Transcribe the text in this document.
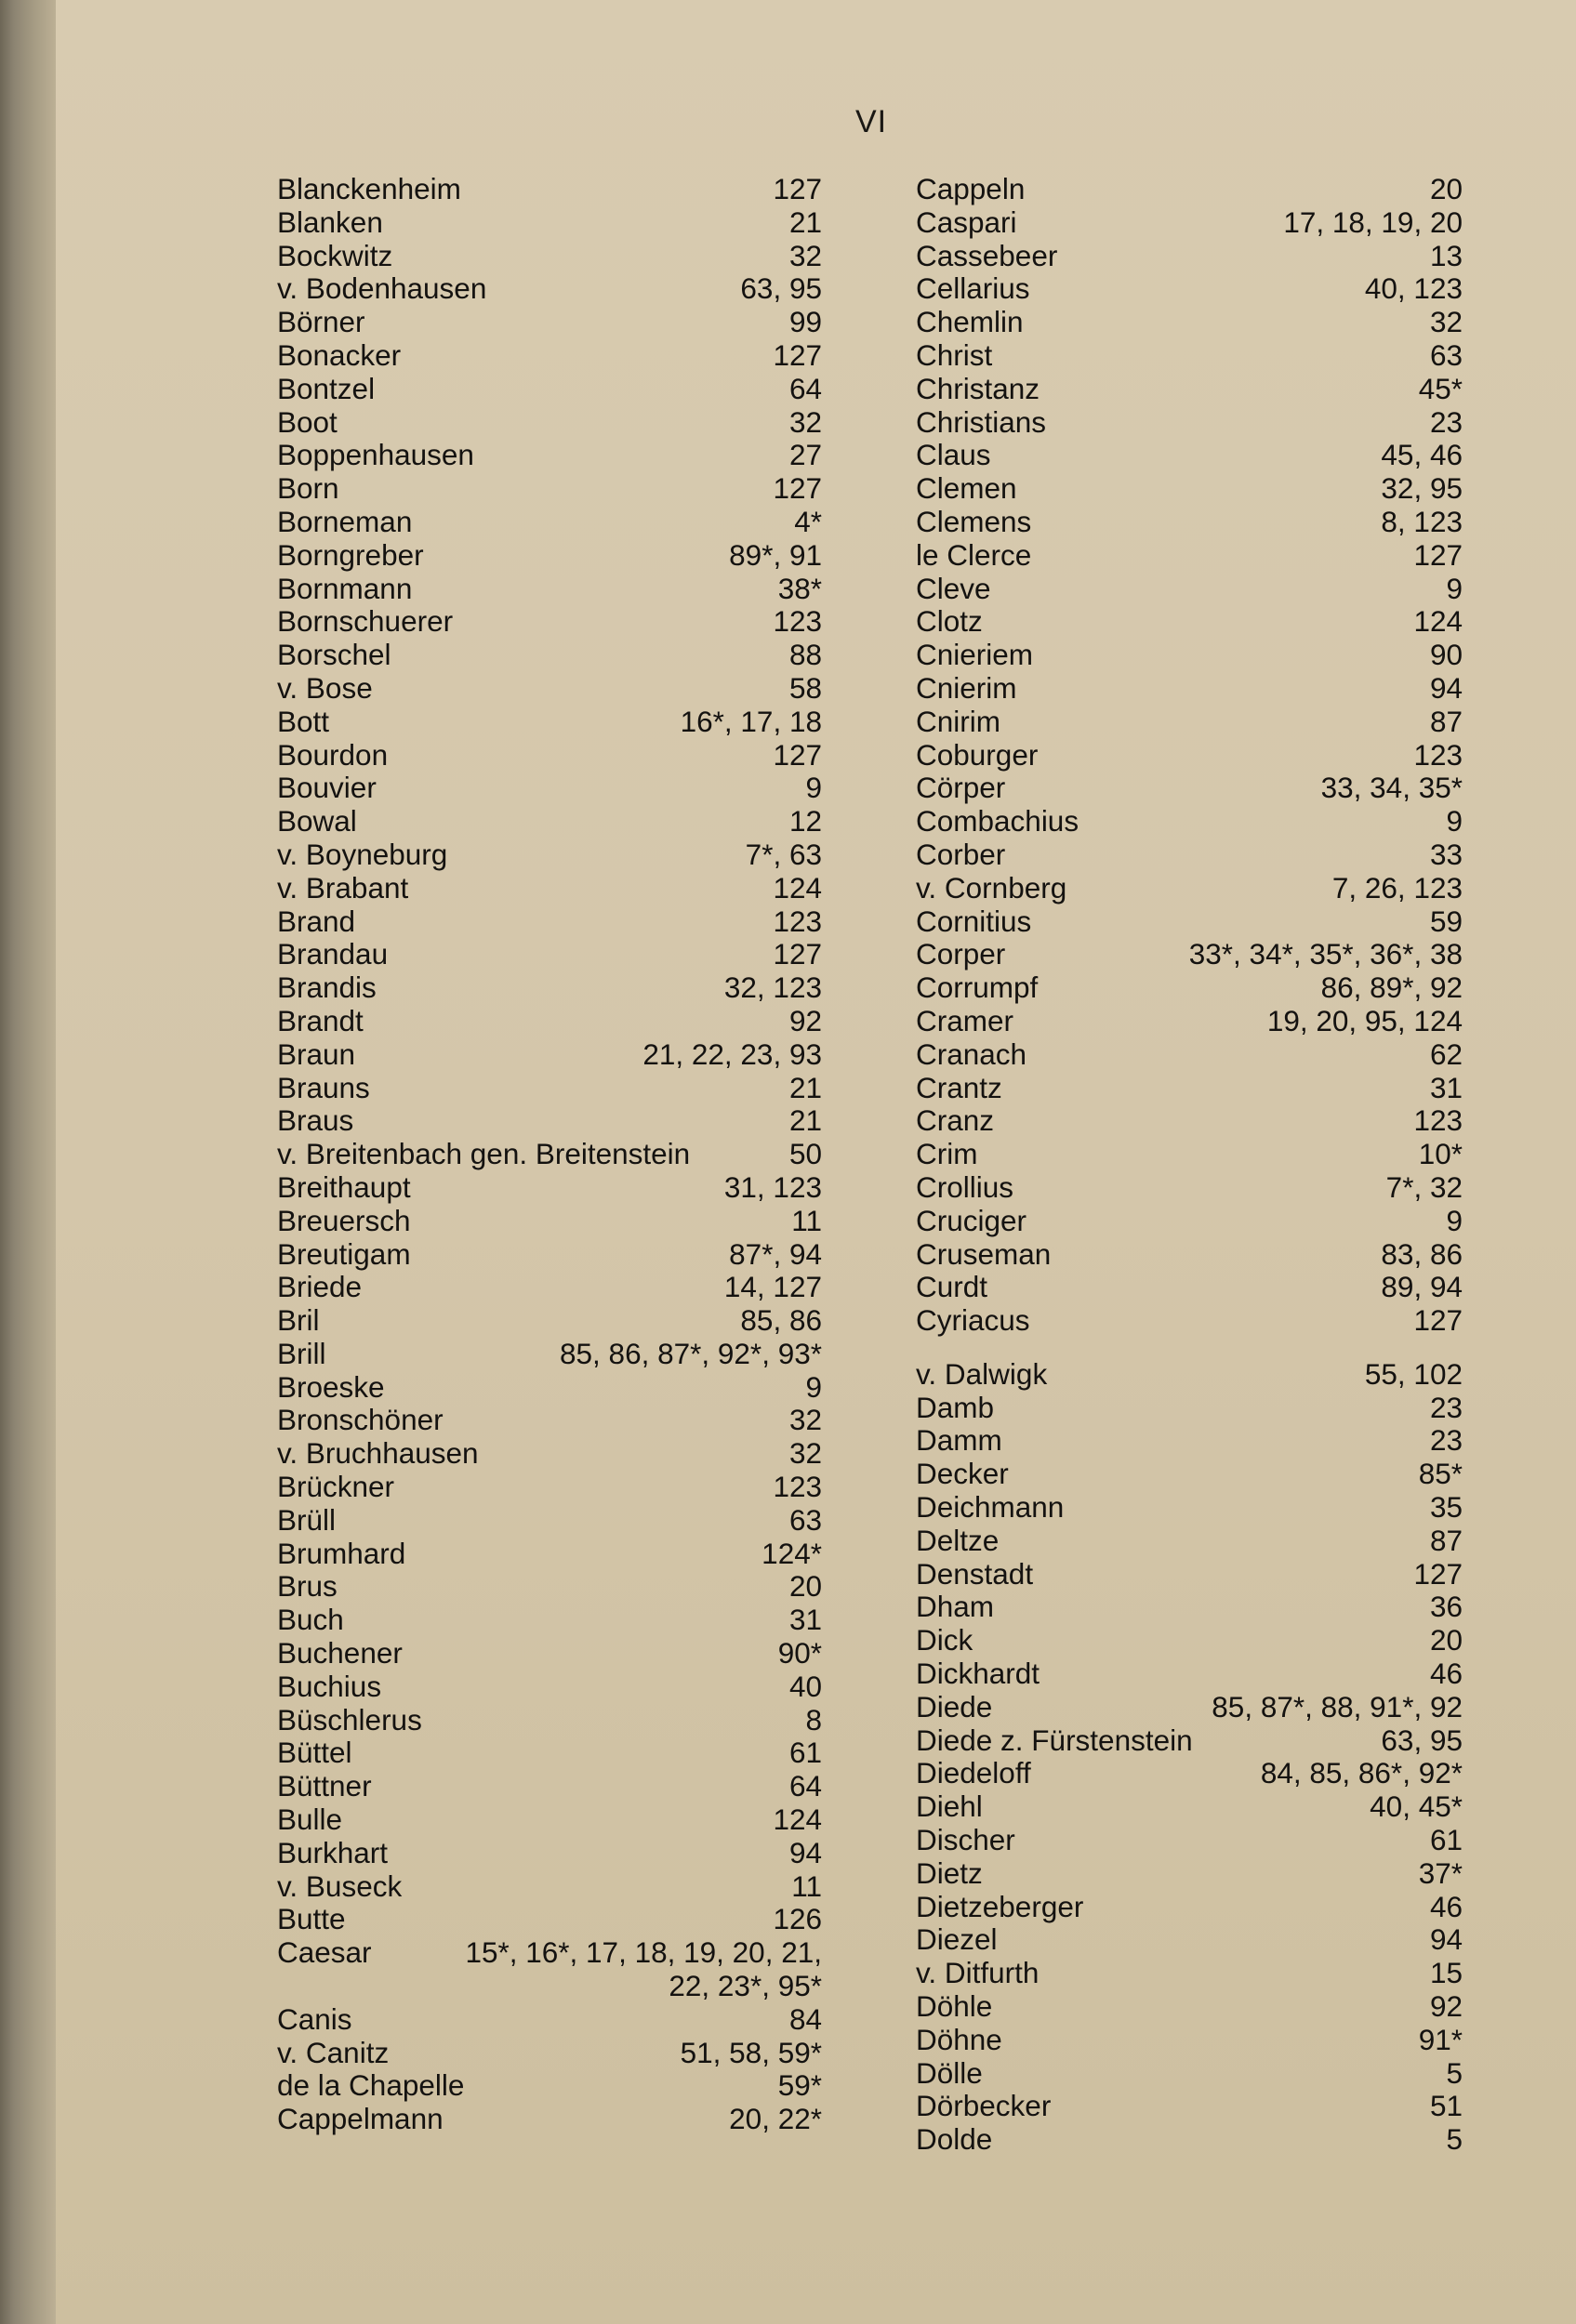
VI
Blanckenheim	127
Blanken	21
Bockwitz	32
v. Bodenhausen	63, 95
Börner	99
Bonacker	127
Bontzel	64
Boot	32
Boppenhausen	27
Born	127
Borneman	4*
Borngreber	89*, 91
Bornmann	38*
Bornschuerer	123
Borschel	88
v. Bose	58
Bott	16*, 17, 18
Bourdon	127
Bouvier	9
Bowal	12
v. Boyneburg	7*, 63
v. Brabant	124
Brand	123
Brandau	127
Brandis	32, 123
Brandt	92
Braun	21, 22, 23, 93
Brauns	21
Braus	21
v. Breitenbach gen. Breitenstein	50
Breithaupt	31, 123
Breuersch	11
Breutigam	87*, 94
Briede	14, 127
Bril	85, 86
Brill	85, 86, 87*, 92*, 93*
Broeske	9
Bronschöner	32
v. Bruchhausen	32
Brückner	123
Brüll	63
Brumhard	124*
Brus	20
Buch	31
Buchener	90*
Buchius	40
Büschlerus	8
Büttel	61
Büttner	64
Bulle	124
Burkhart	94
v. Buseck	11
Butte	126
Caesar	15*, 16*, 17, 18, 19, 20, 21, 22, 23*, 95*
Canis	84
v. Canitz	51, 58, 59*
de la Chapelle	59*
Cappelmann	20, 22*
Cappeln	20
Caspari	17, 18, 19, 20
Cassebeer	13
Cellarius	40, 123
Chemlin	32
Christ	63
Christanz	45*
Christians	23
Claus	45, 46
Clemen	32, 95
Clemens	8, 123
le Clerce	127
Cleve	9
Clotz	124
Cnieriem	90
Cnierim	94
Cnirim	87
Coburger	123
Cörper	33, 34, 35*
Combachius	9
Corber	33
v. Cornberg	7, 26, 123
Cornitius	59
Corper	33*, 34*, 35*, 36*, 38
Corrumpf	86, 89*, 92
Cramer	19, 20, 95, 124
Cranach	62
Crantz	31
Cranz	123
Crim	10*
Crollius	7*, 32
Cruciger	9
Cruseman	83, 86
Curdt	89, 94
Cyriacus	127
v. Dalwigk	55, 102
Damb	23
Damm	23
Decker	85*
Deichmann	35
Deltze	87
Denstadt	127
Dham	36
Dick	20
Dickhardt	46
Diede	85, 87*, 88, 91*, 92
Diede z. Fürstenstein	63, 95
Diedeloff	84, 85, 86*, 92*
Diehl	40, 45*
Discher	61
Dietz	37*
Dietzeberger	46
Diezel	94
v. Ditfurth	15
Döhle	92
Döhne	91*
Dölle	5
Dörbecker	51
Dolde	5
